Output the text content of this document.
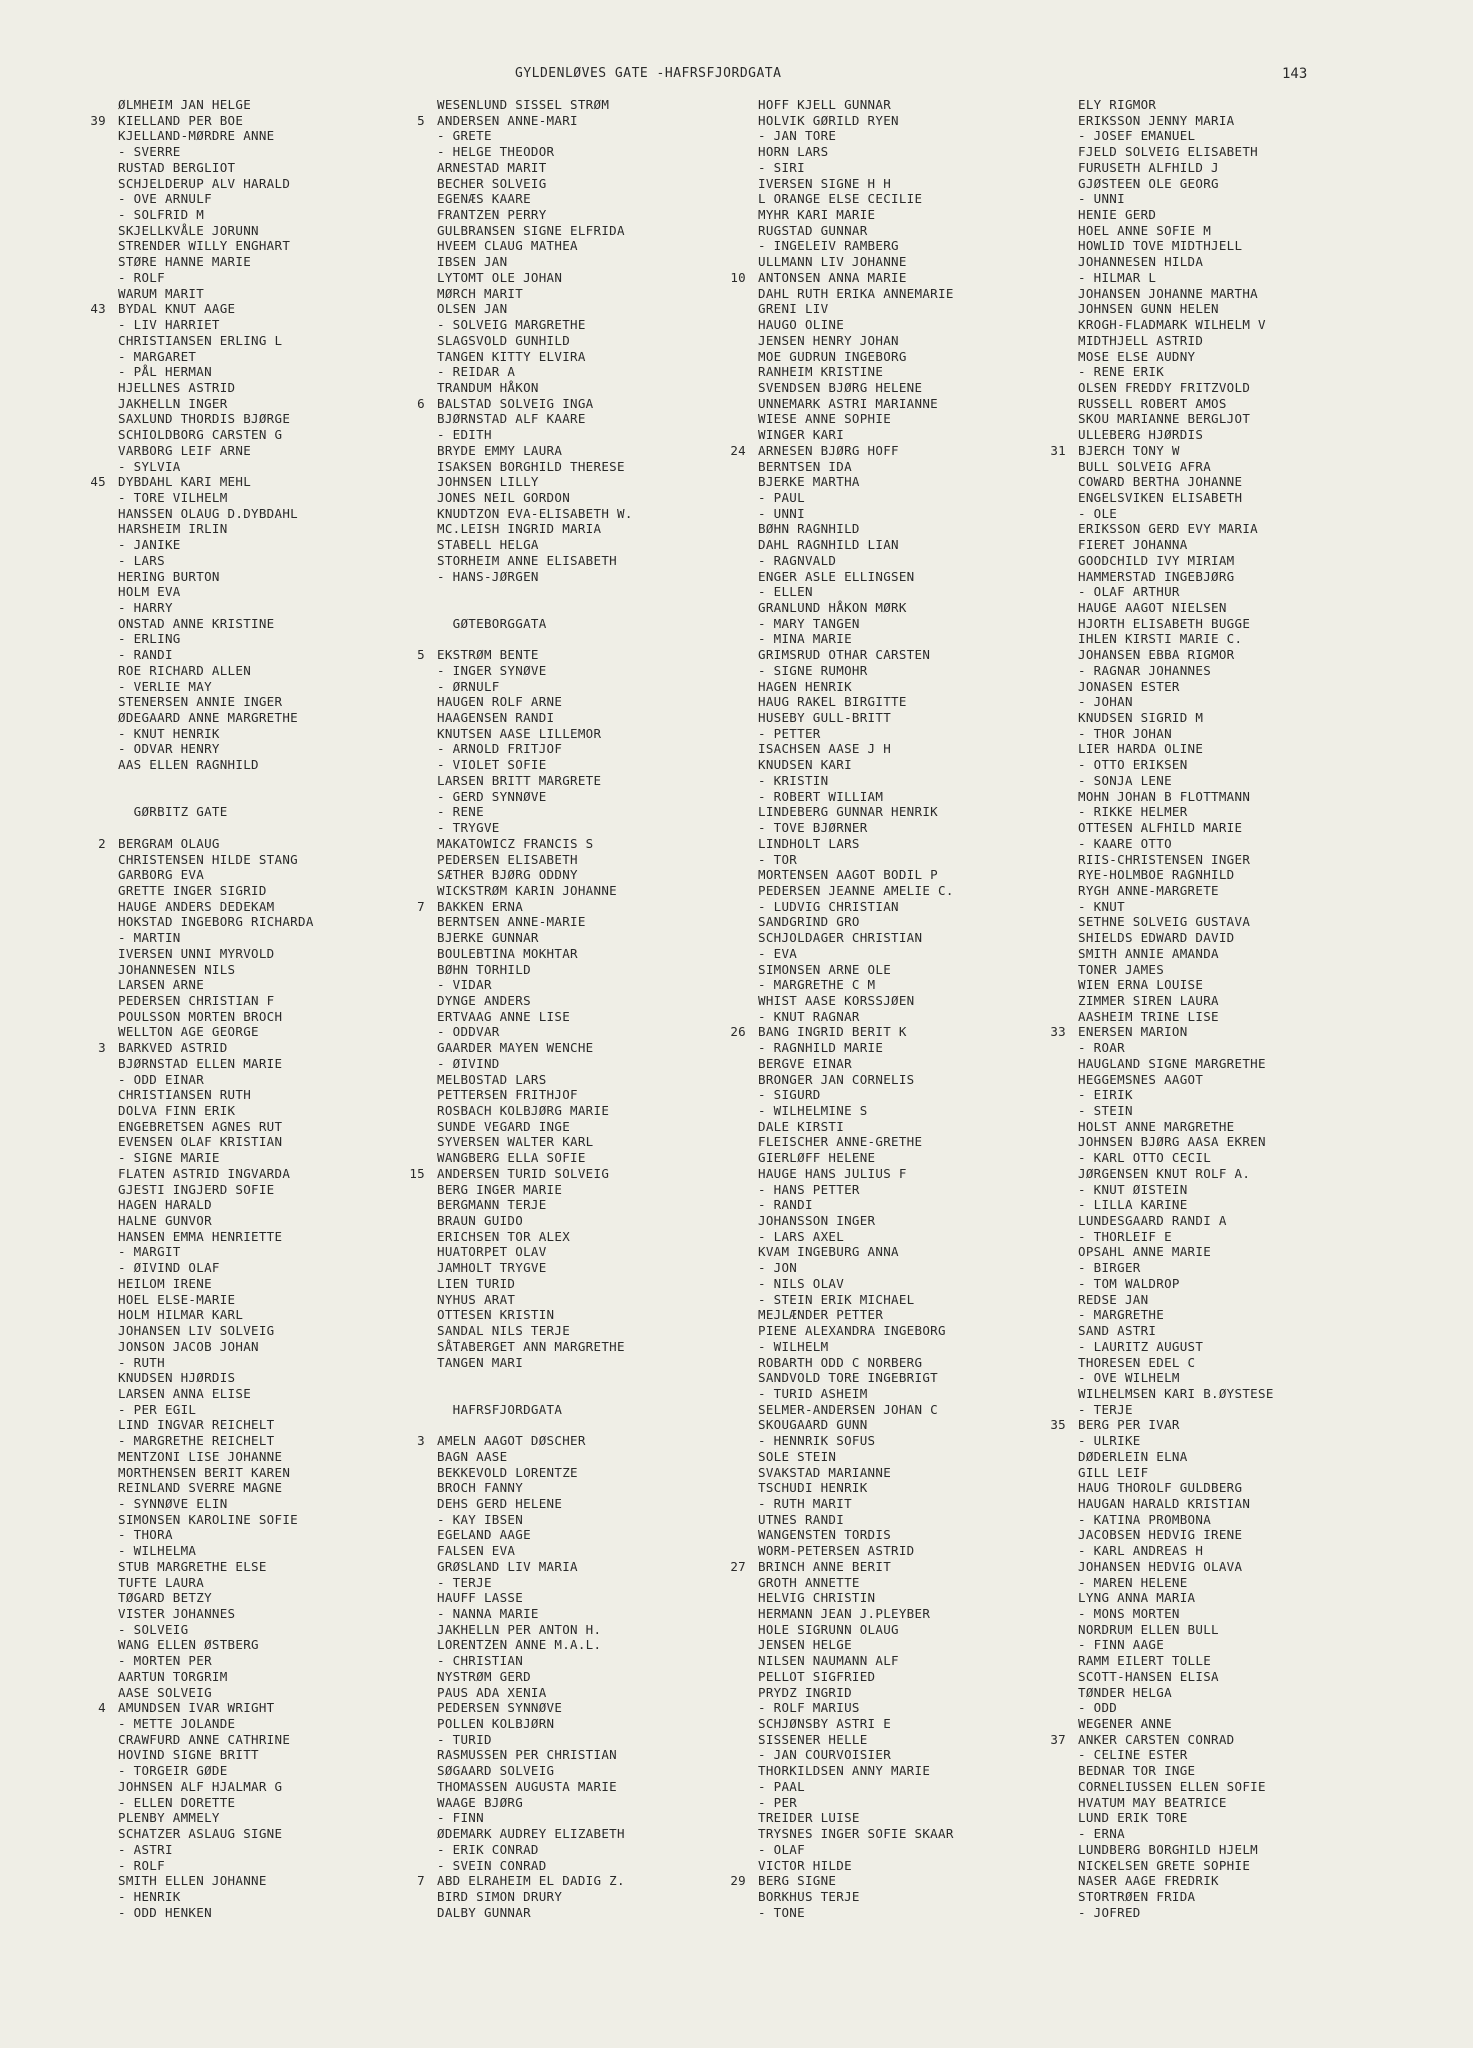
GYLDENLØVES GATE -HAFRSFJORDGATA	143
ØLMHEIM JAN HELGE
39 KIELLAND PER BOE
KJELLAND-MØRDRE ANNE
- SVERRE
RUSTAD BERGLIOT
SCHJELDERUP ALV HARALD
- OVE ARNULF
- SOLFRID M
SKJELLKVÅLE JORUNN
STRENDER WILLY ENGHART
STØRE HANNE MARIE
- ROLF
WARUM MARIT
43 BYDAL KNUT AAGE
- LIV HARRIET
CHRISTIANSEN ERLING L
- MARGARET
- PÅL HERMAN
HJELLNES ASTRID
JAKHELLN INGER
SAXLUND THORDIS BJØRGE
SCHIOLDBORG CARSTEN G
VARBORG LEIF ARNE
- SYLVIA
45 DYBDAHL KARI MEHL
- TORE VILHELM
HANSSEN OLAUG D.DYBDAHL
HARSHEIM IRLIN
- JANIKE
- LARS
HERING BURTON
HOLM EVA
- HARRY
ONSTAD ANNE KRISTINE
- ERLING
- RANDI
ROE RICHARD ALLEN
- VERLIE MAY
STENERSEN ANNIE INGER
ØDEGAARD ANNE MARGRETHE
- KNUT HENRIK
- ODVAR HENRY
AAS ELLEN RAGNHILD
GØRBITZ GATE
2 BERGRAM OLAUG
CHRISTENSEN HILDE STANG
GARBORG EVA
GRETTE INGER SIGRID
HAUGE ANDERS DEDEKAM
HOKSTAD INGEBORG RICHARDA
- MARTIN
IVERSEN UNNI MYRVOLD
JOHANNESEN NILS
LARSEN ARNE
PEDERSEN CHRISTIAN F
POULSSON MORTEN BROCH
WELLTON AGE GEORGE
3 BARKVED ASTRID
BJØRNSTAD ELLEN MARIE
- ODD EINAR
CHRISTIANSEN RUTH
DOLVA FINN ERIK
ENGEBRETSEN AGNES RUT
EVENSEN OLAF KRISTIAN
- SIGNE MARIE
FLATEN ASTRID INGVARDA
GJESTI INGJERD SOFIE
HAGEN HARALD
HALNE GUNVOR
HANSEN EMMA HENRIETTE
- MARGIT
- ØIVIND OLAF
HEILOM IRENE
HOEL ELSE-MARIE
HOLM HILMAR KARL
JOHANSEN LIV SOLVEIG
JONSON JACOB JOHAN
- RUTH
KNUDSEN HJØRDIS
LARSEN ANNA ELISE
- PER EGIL
LIND INGVAR REICHELT
- MARGRETHE REICHELT
MENTZONI LISE JOHANNE
MORTHENSEN BERIT KAREN
REINLAND SVERRE MAGNE
- SYNNØVE ELIN
SIMONSEN KAROLINE SOFIE
- THORA
- WILHELMA
STUB MARGRETHE ELSE
TUFTE LAURA
TØGARD BETZY
VISTER JOHANNES
- SOLVEIG
WANG ELLEN ØSTBERG
- MORTEN PER
AARTUN TORGRIM
AASE SOLVEIG
4 AMUNDSEN IVAR WRIGHT
- METTE JOLANDE
CRAWFURD ANNE CATHRINE
HOVIND SIGNE BRITT
- TORGEIR GØDE
JOHNSEN ALF HJALMAR G
- ELLEN DORETTE
PLENBY AMMELY
SCHATZER ASLAUG SIGNE
- ASTRI
- ROLF
SMITH ELLEN JOHANNE
- HENRIK
- ODD HENKEN
WESENLUND SISSEL STRØM
5 ANDERSEN ANNE-MARI
- GRETE
- HELGE THEODOR
ARNESTAD MARIT
BECHER SOLVEIG
EGENÆS KAARE
FRANTZEN PERRY
GULBRANSEN SIGNE ELFRIDA
HVEEM CLAUG MATHEA
IBSEN JAN
LYTOMT OLE JOHAN
MØRCH MARIT
OLSEN JAN
- SOLVEIG MARGRETHE
SLAGSVOLD GUNHILD
TANGEN KITTY ELVIRA
- REIDAR A
TRANDUM HÅKON
6 BALSTAD SOLVEIG INGA
BJØRNSTAD ALF KAARE
- EDITH
BRYDE EMMY LAURA
ISAKSEN BORGHILD THERESE
JOHNSEN LILLY
JONES NEIL GORDON
KNUDTZON EVA-ELISABETH W.
MC.LEISH INGRID MARIA
STABELL HELGA
STORHEIM ANNE ELISABETH
- HANS-JØRGEN
GØTEBORGGATA
5 EKSTRØM BENTE
- INGER SYNØVE
- ØRNULF
HAUGEN ROLF ARNE
HAAGENSEN RANDI
KNUTSEN AASE LILLEMOR
- ARNOLD FRITJOF
- VIOLET SOFIE
LARSEN BRITT MARGRETE
- GERD SYNNØVE
- RENE
- TRYGVE
MAKATOWICZ FRANCIS S
PEDERSEN ELISABETH
SÆTHER BJØRG ODDNY
WICKSTRØM KARIN JOHANNE
7 BAKKEN ERNA
BERNTSEN ANNE-MARIE
BJERKE GUNNAR
BOULEBTINA MOKHTAR
BØHN TORHILD
- VIDAR
DYNGE ANDERS
ERTVAAG ANNE LISE
- ODDVAR
GAARDER MAYEN WENCHE
- ØIVIND
MELBOSTAD LARS
PETTERSEN FRITHJOF
ROSBACH KOLBJØRG MARIE
SUNDE VEGARD INGE
SYVERSEN WALTER KARL
WANGBERG ELLA SOFIE
15 ANDERSEN TURID SOLVEIG
BERG INGER MARIE
BERGMANN TERJE
BRAUN GUIDO
ERICHSEN TOR ALEX
HUATORPET OLAV
JAMHOLT TRYGVE
LIEN TURID
NYHUS ARAT
OTTESEN KRISTIN
SANDAL NILS TERJE
SÅTABERGET ANN MARGRETHE
TANGEN MARI
HAFRSFJORDGATA
3 AMELN AAGOT DØSCHER
BAGN AASE
BEKKEVOLD LORENTZE
BROCH FANNY
DEHS GERD HELENE
- KAY IBSEN
EGELAND AAGE
FALSEN EVA
GRØSLAND LIV MARIA
- TERJE
HAUFF LASSE
- NANNA MARIE
JAKHELLN PER ANTON H.
LORENTZEN ANNE M.A.L.
- CHRISTIAN
NYSTRØM GERD
PAUS ADA XENIA
PEDERSEN SYNNØVE
POLLEN KOLBJØRN
- TURID
RASMUSSEN PER CHRISTIAN
SØGAARD SOLVEIG
THOMASSEN AUGUSTA MARIE
WAAGE BJØRG
- FINN
ØDEMARK AUDREY ELIZABETH
- ERIK CONRAD
- SVEIN CONRAD
7 ABD ELRAHEIM EL DADIG Z.
BIRD SIMON DRURY
DALBY GUNNAR
HOFF KJELL GUNNAR
HOLVIK GØRILD RYEN
- JAN TORE
HORN LARS
- SIRI
IVERSEN SIGNE H H
L ORANGE ELSE CECILIE
MYHR KARI MARIE
RUGSTAD GUNNAR
- INGELEIV RAMBERG
ULLMANN LIV JOHANNE
10 ANTONSEN ANNA MARIE
DAHL RUTH ERIKA ANNEMARIE
GRENI LIV
HAUGO OLINE
JENSEN HENRY JOHAN
MOE GUDRUN INGEBORG
RANHEIM KRISTINE
SVENDSEN BJØRG HELENE
UNNEMARK ASTRI MARIANNE
WIESE ANNE SOPHIE
WINGER KARI
24 ARNESEN BJØRG HOFF
BERNTSEN IDA
BJERKE MARTHA
- PAUL
- UNNI
BØHN RAGNHILD
DAHL RAGNHILD LIAN
- RAGNVALD
ENGER ASLE ELLINGSEN
- ELLEN
GRANLUND HÅKON MØRK
- MARY TANGEN
- MINA MARIE
GRIMSRUD OTHAR CARSTEN
- SIGNE RUMOHR
HAGEN HENRIK
HAUG RAKEL BIRGITTE
HUSEBY GULL-BRITT
- PETTER
ISACHSEN AASE J H
KNUDSEN KARI
- KRISTIN
- ROBERT WILLIAM
LINDEBERG GUNNAR HENRIK
- TOVE BJØRNER
LINDHOLT LARS
- TOR
MORTENSEN AAGOT BODIL P
PEDERSEN JEANNE AMELIE C.
- LUDVIG CHRISTIAN
SANDGRIND GRO
SCHJOLDAGER CHRISTIAN
- EVA
SIMONSEN ARNE OLE
- MARGRETHE C M
WHIST AASE KORSSJØEN
- KNUT RAGNAR
26 BANG INGRID BERIT K
- RAGNHILD MARIE
BERGVE EINAR
BRONGER JAN CORNELIS
- SIGURD
- WILHELMINE S
DALE KIRSTI
FLEISCHER ANNE-GRETHE
GIERLØFF HELENE
HAUGE HANS JULIUS F
- HANS PETTER
- RANDI
JOHANSSON INGER
- LARS AXEL
KVAM INGEBURG ANNA
- JON
- NILS OLAV
- STEIN ERIK MICHAEL
MEJLÆNDER PETTER
PIENE ALEXANDRA INGEBORG
- WILHELM
ROBARTH ODD C NORBERG
SANDVOLD TORE INGEBRIGT
- TURID ASHEIM
SELMER-ANDERSEN JOHAN C
SKOUGAARD GUNN
- HENNRIK SOFUS
SOLE STEIN
SVAKSTAD MARIANNE
TSCHUDI HENRIK
- RUTH MARIT
UTNES RANDI
WANGENSTEN TORDIS
WORM-PETERSEN ASTRID
27 BRINCH ANNE BERIT
GROTH ANNETTE
HELVIG CHRISTIN
HERMANN JEAN J.PLEYBER
HOLE SIGRUNN OLAUG
JENSEN HELGE
NILSEN NAUMANN ALF
PELLOT SIGFRIED
PRYDZ INGRID
- ROLF MARIUS
SCHJØNSBY ASTRI E
SISSENER HELLE
- JAN COURVOISIER
THORKILDSEN ANNY MARIE
- PAAL
- PER
TREIDER LUISE
TRYSNES INGER SOFIE SKAAR
- OLAF
VICTOR HILDE
29 BERG SIGNE
BORKHUS TERJE
- TONE
ELY RIGMOR
ERIKSSON JENNY MARIA
- JOSEF EMANUEL
FJELD SOLVEIG ELISABETH
FURUSETH ALFHILD J
GJØSTEEN OLE GEORG
- UNNI
HENIE GERD
HOEL ANNE SOFIE M
HOWLID TOVE MIDTHJELL
JOHANNESEN HILDA
- HILMAR L
JOHANSEN JOHANNE MARTHA
JOHNSEN GUNN HELEN
KROGH-FLADMARK WILHELM V
MIDTHJELL ASTRID
MOSE ELSE AUDNY
- RENE ERIK
OLSEN FREDDY FRITZVOLD
RUSSELL ROBERT AMOS
SKOU MARIANNE BERGLJOT
ULLEBERG HJØRDIS
31 BJERCH TONY W
BULL SOLVEIG AFRA
COWARD BERTHA JOHANNE
ENGELSVIKEN ELISABETH
- OLE
ERIKSSON GERD EVY MARIA
FIERET JOHANNA
GOODCHILD IVY MIRIAM
HAMMERSTAD INGEBJØRG
- OLAF ARTHUR
HAUGE AAGOT NIELSEN
HJORTH ELISABETH BUGGE
IHLEN KIRSTI MARIE C.
JOHANSEN EBBA RIGMOR
- RAGNAR JOHANNES
JONASEN ESTER
- JOHAN
KNUDSEN SIGRID M
- THOR JOHAN
LIER HARDA OLINE
- OTTO ERIKSEN
- SONJA LENE
MOHN JOHAN B FLOTTMANN
- RIKKE HELMER
OTTESEN ALFHILD MARIE
- KAARE OTTO
RIIS-CHRISTENSEN INGER
RYE-HOLMBOE RAGNHILD
RYGH ANNE-MARGRETE
- KNUT
SETHNE SOLVEIG GUSTAVA
SHIELDS EDWARD DAVID
SMITH ANNIE AMANDA
TONER JAMES
WIEN ERNA LOUISE
ZIMMER SIREN LAURA
AASHEIM TRINE LISE
33 ENERSEN MARION
- ROAR
HAUGLAND SIGNE MARGRETHE
HEGGEMSNES AAGOT
- EIRIK
- STEIN
HOLST ANNE MARGRETHE
JOHNSEN BJØRG AASA EKREN
- KARL OTTO CECIL
JØRGENSEN KNUT ROLF A.
- KNUT ØISTEIN
- LILLA KARINE
LUNDESGAARD RANDI A
- THORLEIF E
OPSAHL ANNE MARIE
- BIRGER
- TOM WALDROP
REDSE JAN
- MARGRETHE
SAND ASTRI
- LAURITZ AUGUST
THORESEN EDEL C
- OVE WILHELM
WILHELMSEN KARI B.ØYSTESE
- TERJE
35 BERG PER IVAR
- ULRIKE
DØDERLEIN ELNA
GILL LEIF
HAUG THOROLF GULDBERG
HAUGAN HARALD KRISTIAN
- KATINA PROMBONA
JACOBSEN HEDVIG IRENE
- KARL ANDREAS H
JOHANSEN HEDVIG OLAVA
- MAREN HELENE
LYNG ANNA MARIA
- MONS MORTEN
NORDRUM ELLEN BULL
- FINN AAGE
RAMM EILERT TOLLE
SCOTT-HANSEN ELISA
TØNDER HELGA
- ODD
WEGENER ANNE
37 ANKER CARSTEN CONRAD
- CELINE ESTER
BEDNAR TOR INGE
CORNELIUSSEN ELLEN SOFIE
HVATUM MAY BEATRICE
LUND ERIK TORE
- ERNA
LUNDBERG BORGHILD HJELM
NICKELSEN GRETE SOPHIE
NASER AAGE FREDRIK
STORTRØEN FRIDA
- JOFRED
